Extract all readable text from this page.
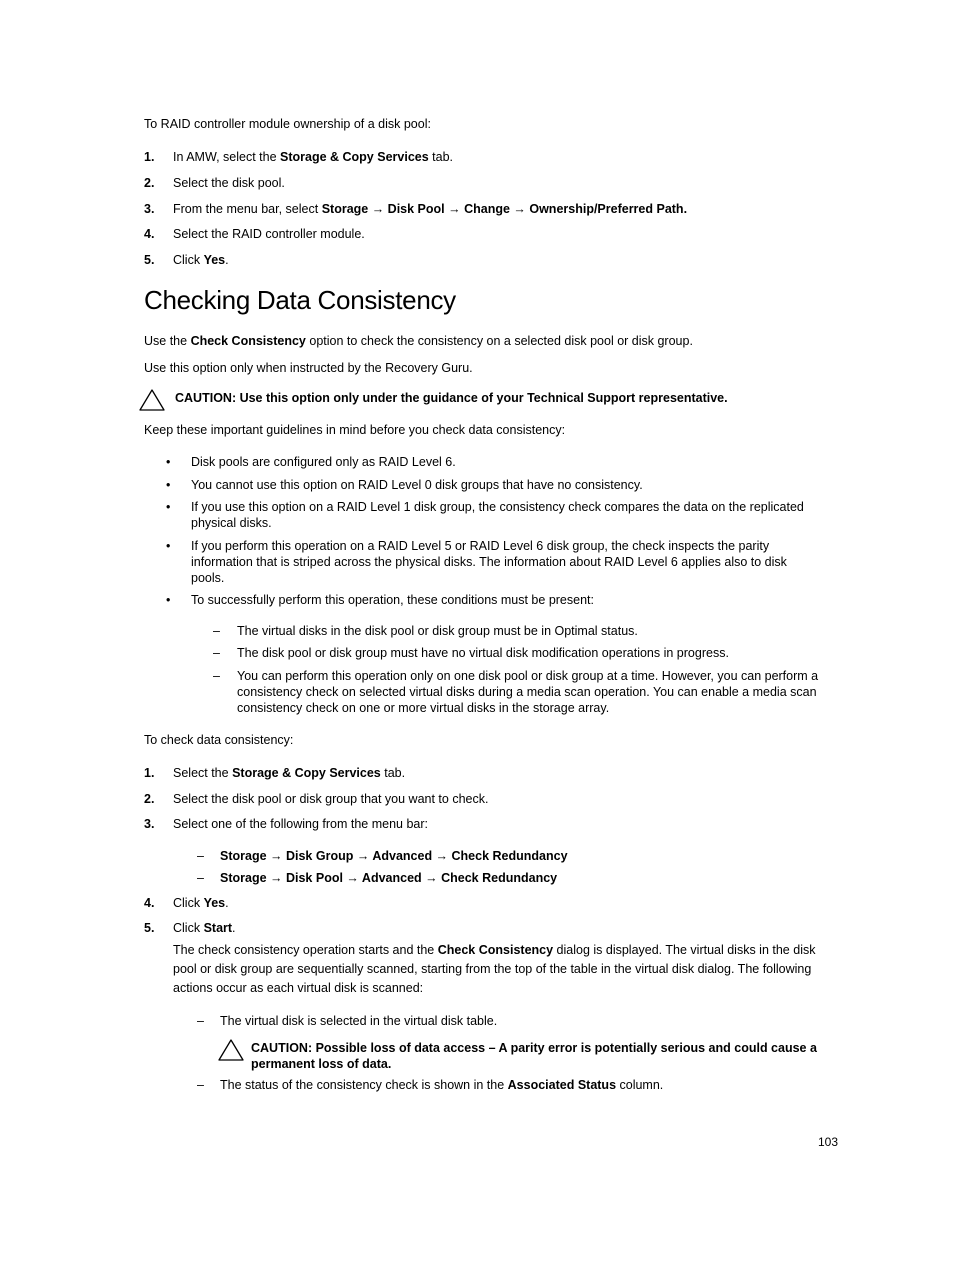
To RAID controller module ownership of a disk pool:

1. In AMW, select the Storage & Copy Services tab.
2. Select the disk pool.
3. From the menu bar, select Storage → Disk Pool → Change → Ownership/Preferred Path.
4. Select the RAID controller module.
5. Click Yes.
Checking Data Consistency

Use the Check Consistency option to check the consistency on a selected disk pool or disk group.

Use this option only when instructed by the Recovery Guru.

CAUTION: Use this option only under the guidance of your Technical Support representative.

Keep these important guidelines in mind before you check data consistency:

• Disk pools are configured only as RAID Level 6.
• You cannot use this option on RAID Level 0 disk groups that have no consistency.
• If you use this option on a RAID Level 1 disk group, the consistency check compares the data on the replicated physical disks.
• If you perform this operation on a RAID Level 5 or RAID Level 6 disk group, the check inspects the parity information that is striped across the physical disks. The information about RAID Level 6 applies also to disk pools.
• To successfully perform this operation, these conditions must be present:
– The virtual disks in the disk pool or disk group must be in Optimal status.
– The disk pool or disk group must have no virtual disk modification operations in progress.
– You can perform this operation only on one disk pool or disk group at a time. However, you can perform a consistency check on selected virtual disks during a media scan operation. You can enable a media scan consistency check on one or more virtual disks in the storage array.

To check data consistency:

1. Select the Storage & Copy Services tab.
2. Select the disk pool or disk group that you want to check.
3. Select one of the following from the menu bar:
– Storage → Disk Group → Advanced → Check Redundancy
– Storage → Disk Pool → Advanced → Check Redundancy
4. Click Yes.
5. Click Start.

The check consistency operation starts and the Check Consistency dialog is displayed. The virtual disks in the disk pool or disk group are sequentially scanned, starting from the top of the table in the virtual disk dialog. The following actions occur as each virtual disk is scanned:

– The virtual disk is selected in the virtual disk table.
CAUTION: Possible loss of data access – A parity error is potentially serious and could cause a permanent loss of data.
– The status of the consistency check is shown in the Associated Status column.
103
